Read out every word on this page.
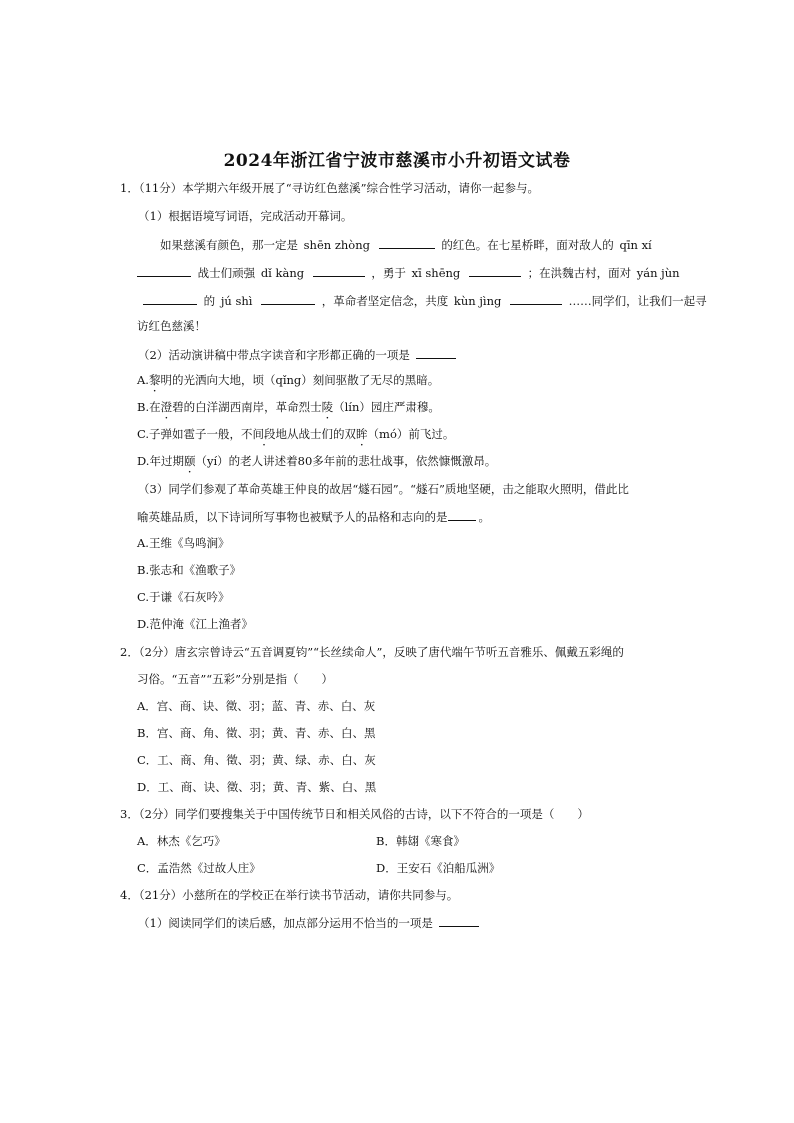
2024年浙江省宁波市慈溪市小升初语文试卷
1．（11分）本学期六年级开展了“寻访红色慈溪”综合性学习活动，请你一起参与。
（1）根据语境写词语，完成活动开幕词。
如果慈溪有颜色，那一定是 shēn zhòng	的红色。在七星桥畔，面对敌人的 qīn xí
战士们顽强 dǐ kàng	，勇于 xī shēng	；在洪魏古村，面对 yán jùn
的 jú shì	，革命者坚定信念，共度 kùn jìng	……同学们，让我们一起寻
访红色慈溪！
（2）活动演讲稿中带点字读音和字形都正确的一项是
A.黎明的光洒向大地，顷（qǐng）刻间驱散了无尽的黑暗。
B.在澄碧的白洋湖西南岸，革命烈士陵（lín）园庄严肃穆。
C.子弹如雹子一般，不间段地从战士们的双眸（mó）前飞过。
D.年过期颐（yí）的老人讲述着80多年前的悲壮战事，依然慷慨激昂。
（3）同学们参观了革命英雄王仲良的故居“燧石园”。“燧石”质地坚硬，击之能取火照明，借此比
喻英雄品质，以下诗词所写事物也被赋予人的品格和志向的是	。
A.王维《鸟鸣涧》
B.张志和《渔歌子》
C.于谦《石灰吟》
D.范仲淹《江上渔者》
2．（2分）唐玄宗曾诗云“五音调夏钧”“长丝续命人”，反映了唐代端午节听五音雅乐、佩戴五彩绳的
习俗。“五音”“五彩”分别是指（　　）
A．宫、商、诀、徵、羽；蓝、青、赤、白、灰
B．宫、商、角、徵、羽；黄、青、赤、白、黑
C．工、商、角、徵、羽；黄、绿、赤、白、灰
D．工、商、诀、徵、羽；黄、青、紫、白、黑
3．（2分）同学们要搜集关于中国传统节日和相关风俗的古诗，以下不符合的一项是（　　）
A．林杰《乞巧》	B．韩翃《寒食》
C．孟浩然《过故人庄》	D．王安石《泊船瓜洲》
4．（21分）小慈所在的学校正在举行读书节活动，请你共同参与。
（1）阅读同学们的读后感，加点部分运用不恰当的一项是
